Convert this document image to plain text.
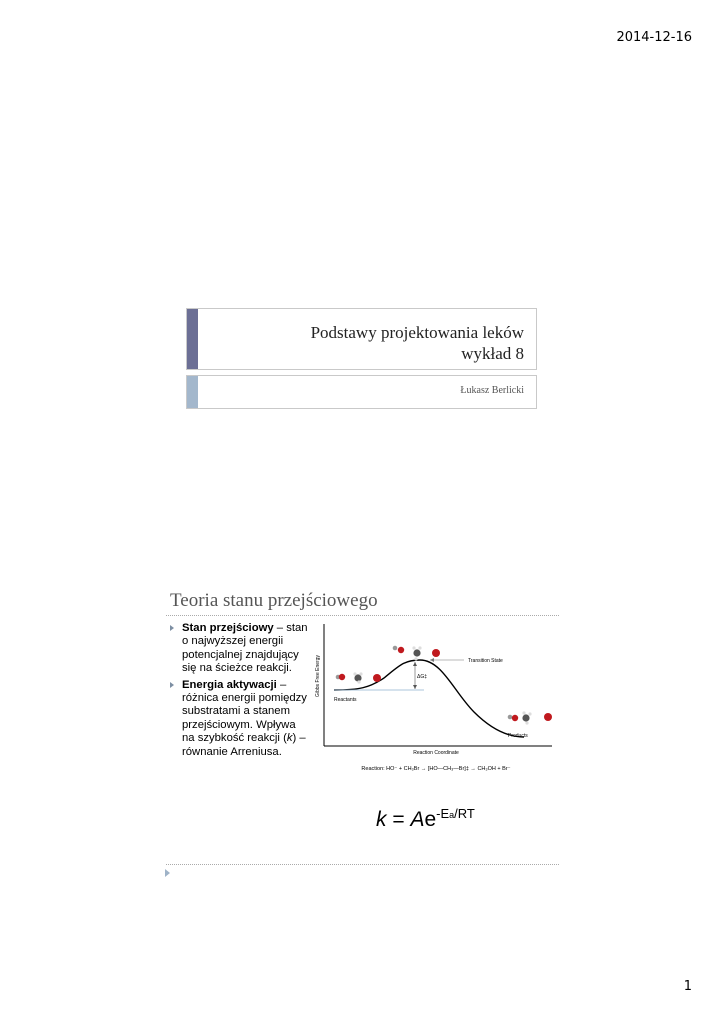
2014-12-16
Podstawy projektowania leków
wykład 8
Łukasz Berlicki
Teoria stanu przejściowego
Stan przejściowy – stan o najwyższej energii potencjalnej znajdujący się na ścieżce reakcji.
Energia aktywacji – różnica energii pomiędzy substratami a stanem przejściowym. Wpływa na szybkość reakcji (k) – równanie Arreniusa.
Gibbs Free Energy
Reaction Coordinate
ΔG‡
Transition State
Reactants
Products
Reaction: HO⁻ + CH₃Br → [HO—CH₃—Br]‡ → CH₃OH + Br⁻
$k = Ae^{-Ea/RT}$
1
